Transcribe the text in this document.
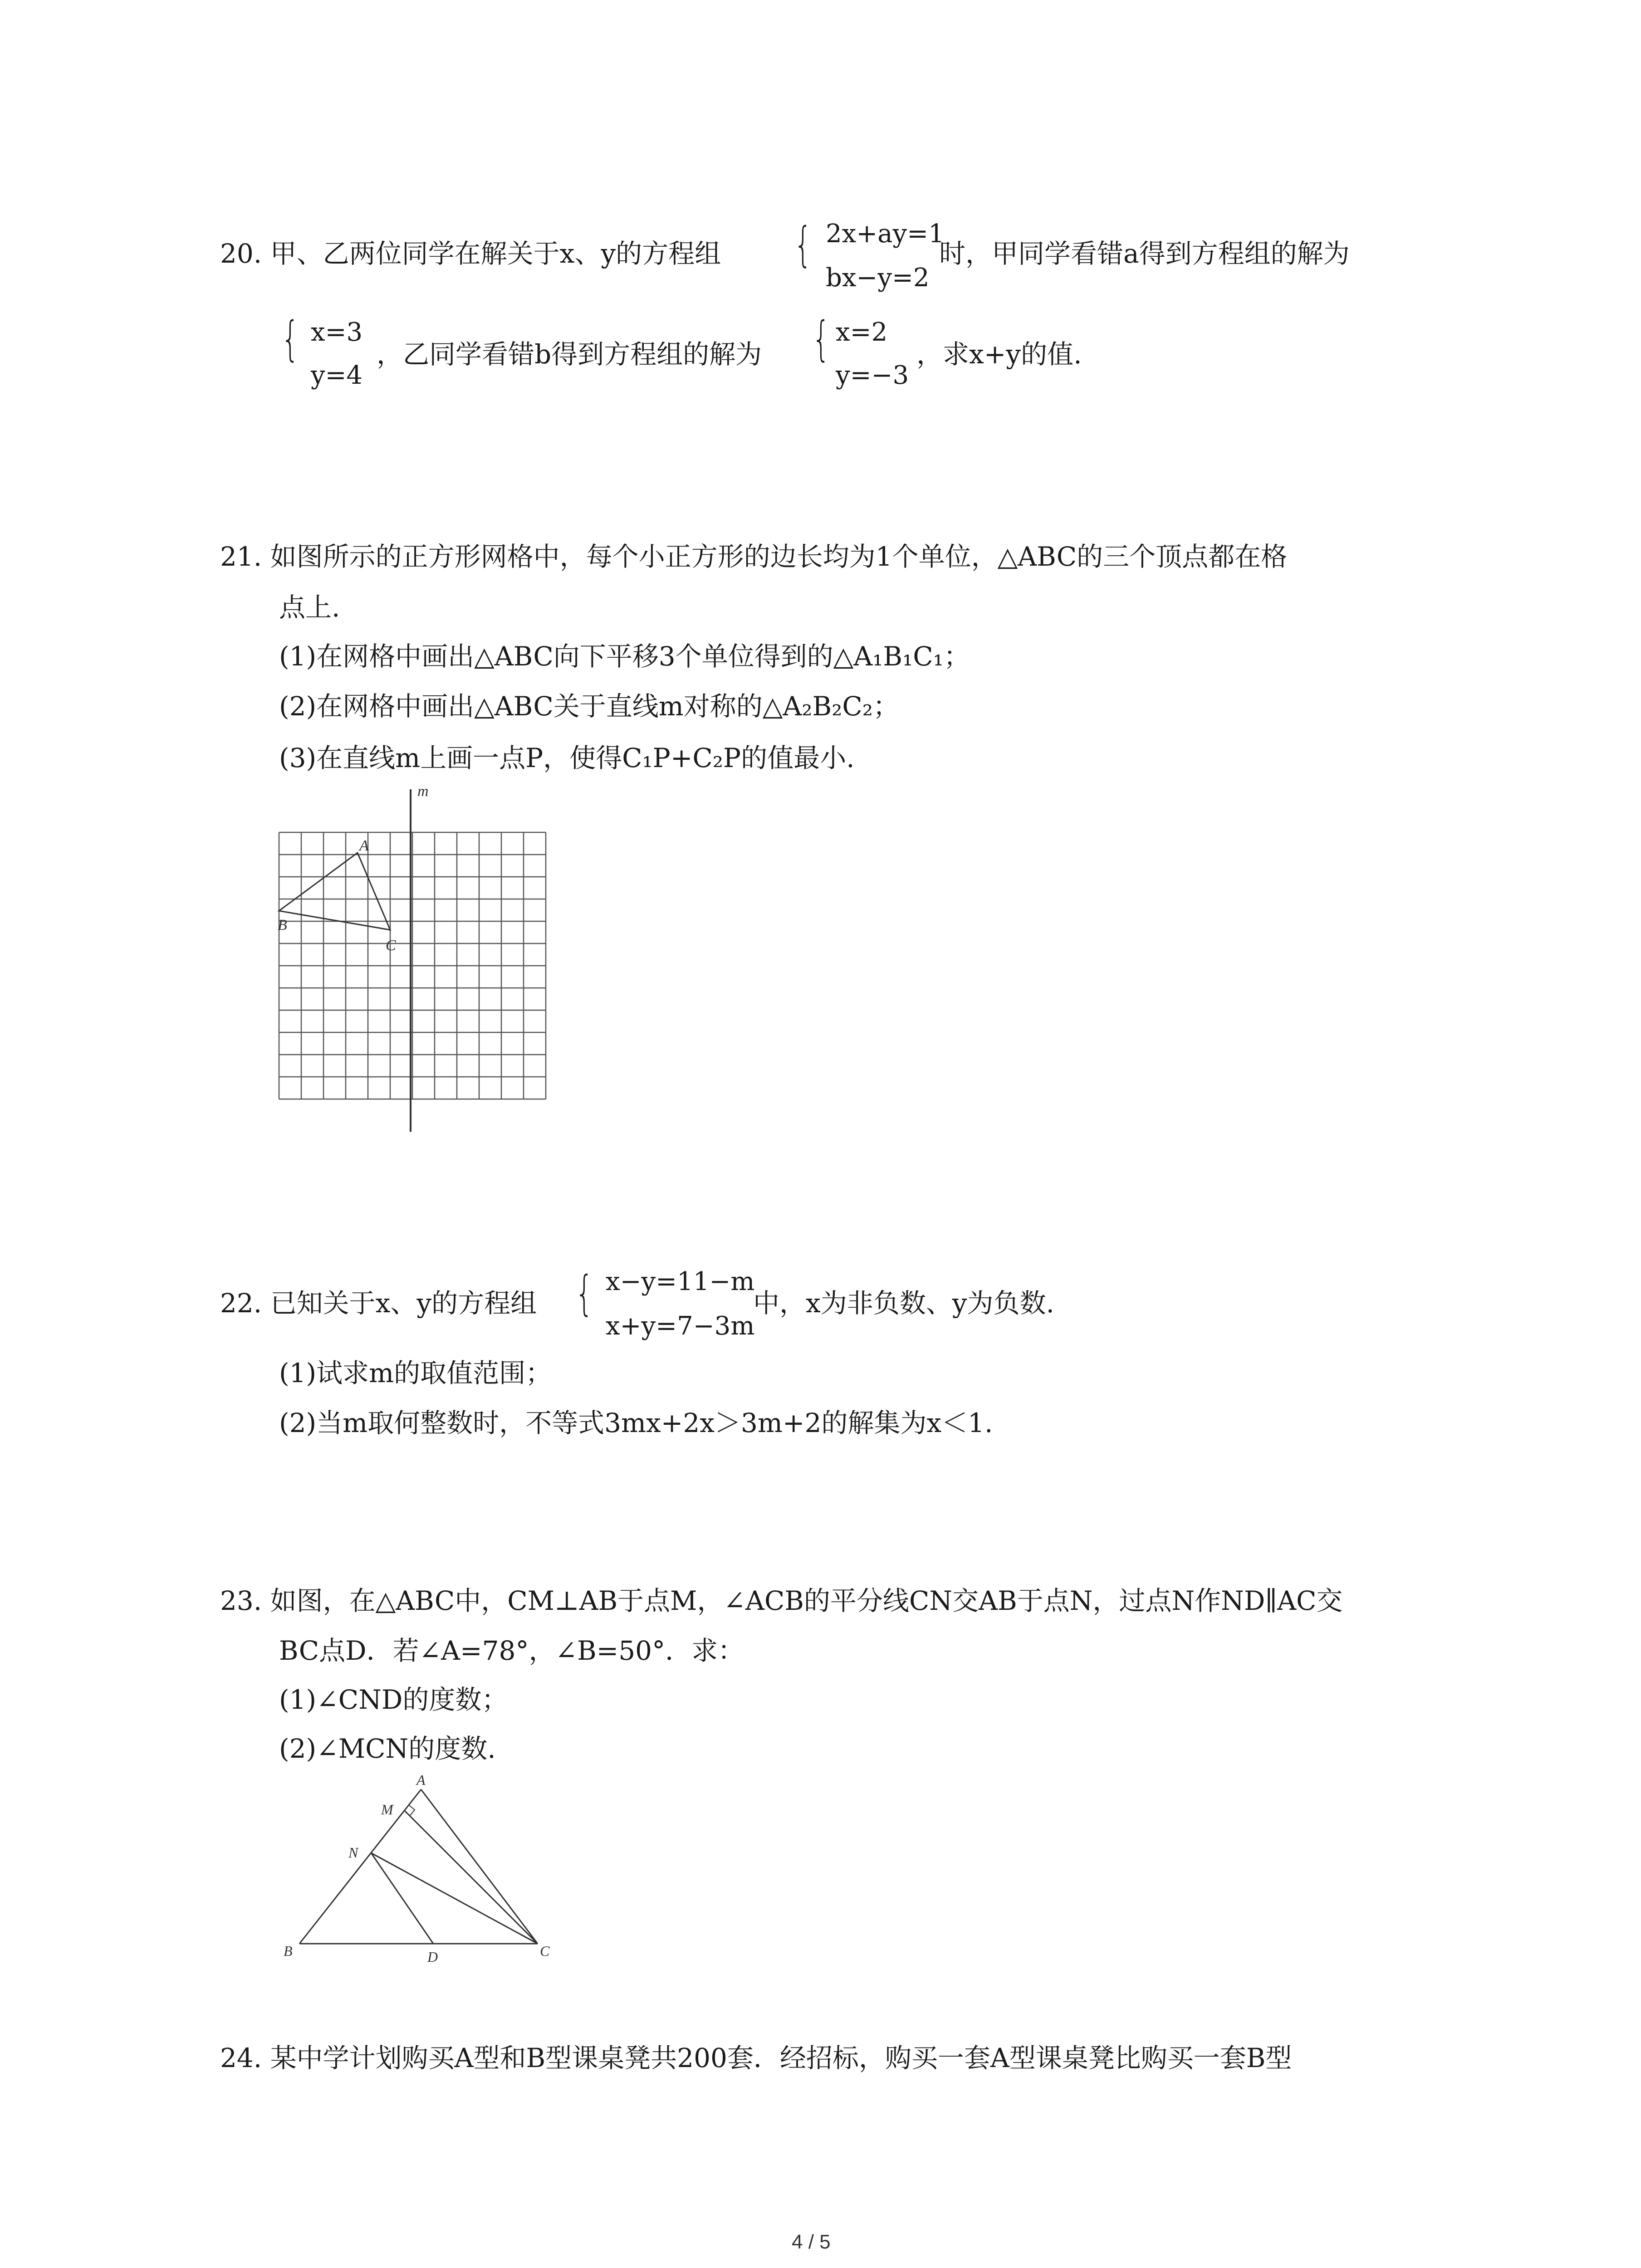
20. 甲、乙两位同学在解关于x、y的方程组 { 2x+ay=1
bx−y=2
时，甲同学看错a得到方程组的解为
{ x=3
y=4
，乙同学看错b得到方程组的解为 { x=2
y=−3
，求x+y的值.
21. 如图所示的正方形网格中，每个小正方形的边长均为1个单位，△ABC的三个顶点都在格
点上.
(1)在网格中画出△ABC向下平移3个单位得到的△A₁B₁C₁；
(2)在网格中画出△ABC关于直线m对称的△A₂B₂C₂；
(3)在直线m上画一点P，使得C₁P+C₂P的值最小.
m
A
B
C
22. 已知关于x、y的方程组 { x−y=11−m
x+y=7−3m
中，x为非负数、y为负数.
(1)试求m的取值范围；
(2)当m取何整数时，不等式3mx+2x＞3m+2的解集为x＜1.
23. 如图，在△ABC中，CM⊥AB于点M，∠ACB的平分线CN交AB于点N，过点N作ND∥AC交
BC点D．若∠A=78°，∠B=50°．求：
(1)∠CND的度数；
(2)∠MCN的度数.
A
M
N
B	D	C
24. 某中学计划购买A型和B型课桌凳共200套．经招标，购买一套A型课桌凳比购买一套B型
4 / 5
